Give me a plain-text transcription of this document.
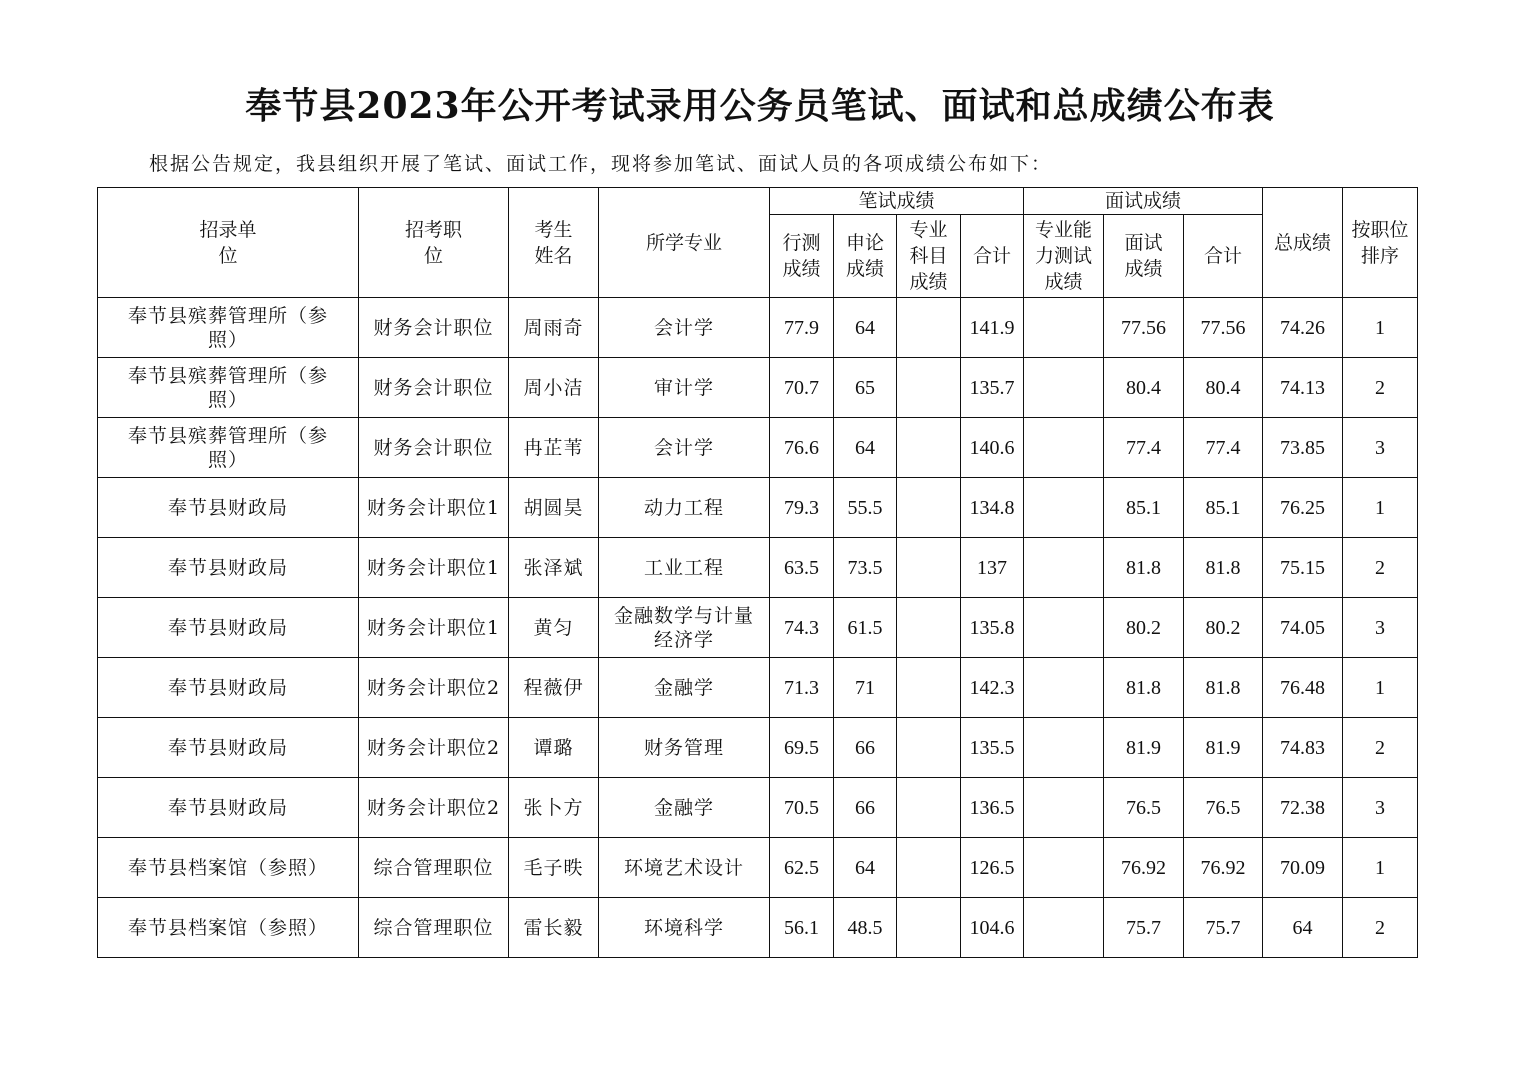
奉节县2023年公开考试录用公务员笔试、面试和总成绩公布表
根据公告规定，我县组织开展了笔试、面试工作，现将参加笔试、面试人员的各项成绩公布如下：
招录单位	招考职位	考生姓名	所学专业	笔试成绩				面试成绩			总成绩	按职位排序
				行测成绩	申论成绩	专业科目成绩	合计	专业能力测试成绩	面试成绩	合计		
奉节县殡葬管理所（参照）	财务会计职位	周雨奇	会计学	77.9	64		141.9		77.56	77.56	74.26	1
奉节县殡葬管理所（参照）	财务会计职位	周小洁	审计学	70.7	65		135.7		80.4	80.4	74.13	2
奉节县殡葬管理所（参照）	财务会计职位	冉芷苇	会计学	76.6	64		140.6		77.4	77.4	73.85	3
奉节县财政局	财务会计职位1	胡圆昊	动力工程	79.3	55.5		134.8		85.1	85.1	76.25	1
奉节县财政局	财务会计职位1	张泽斌	工业工程	63.5	73.5		137		81.8	81.8	75.15	2
奉节县财政局	财务会计职位1	黄匀	金融数学与计量经济学	74.3	61.5		135.8		80.2	80.2	74.05	3
奉节县财政局	财务会计职位2	程薇伊	金融学	71.3	71		142.3		81.8	81.8	76.48	1
奉节县财政局	财务会计职位2	谭璐	财务管理	69.5	66		135.5		81.9	81.9	74.83	2
奉节县财政局	财务会计职位2	张卜方	金融学	70.5	66		136.5		76.5	76.5	72.38	3
奉节县档案馆（参照）	综合管理职位	毛子昳	环境艺术设计	62.5	64		126.5		76.92	76.92	70.09	1
奉节县档案馆（参照）	综合管理职位	雷长毅	环境科学	56.1	48.5		104.6		75.7	75.7	64	2
